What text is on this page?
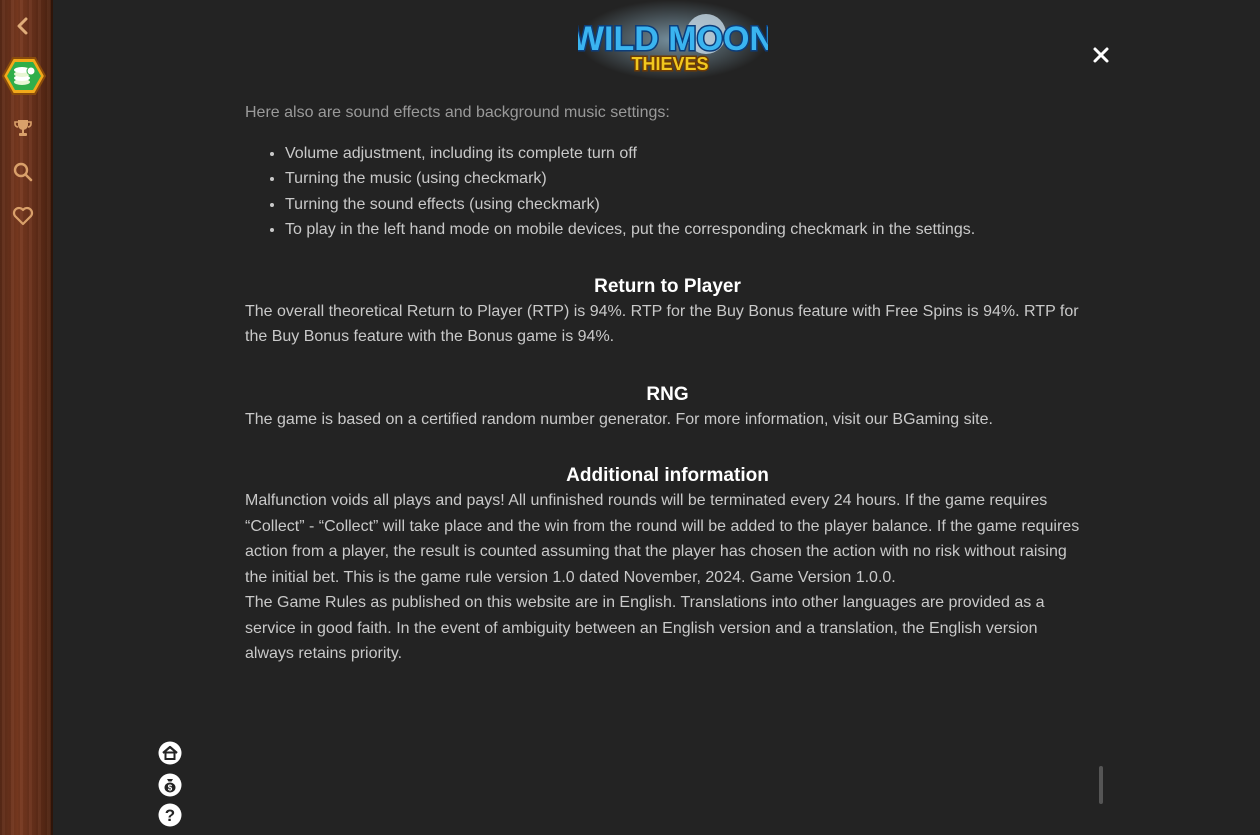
WILD MOON
THIEVES

Here also are sound effects and background music settings:

• Volume adjustment, including its complete turn off
• Turning the music (using checkmark)
• Turning the sound effects (using checkmark)
• To play in the left hand mode on mobile devices, put the corresponding checkmark in the settings.
Return to Player

The overall theoretical Return to Player (RTP) is 94%. RTP for the Buy Bonus feature with Free Spins is 94%. RTP for the Buy Bonus feature with the Bonus game is 94%.

RNG

The game is based on a certified random number generator. For more information, visit our BGaming site.

Additional information

Malfunction voids all plays and pays! All unfinished rounds will be terminated every 24 hours. If the game requires “Collect” - “Collect” will take place and the win from the round will be added to the player balance. If the game requires action from a player, the result is counted assuming that the player has chosen the action with no risk without raising the initial bet. This is the game rule version 1.0 dated November, 2024. Game Version 1.0.0.

The Game Rules as published on this website are in English. Translations into other languages are provided as a service in good faith. In the event of ambiguity between an English version and a translation, the English version always retains priority.

$
?
